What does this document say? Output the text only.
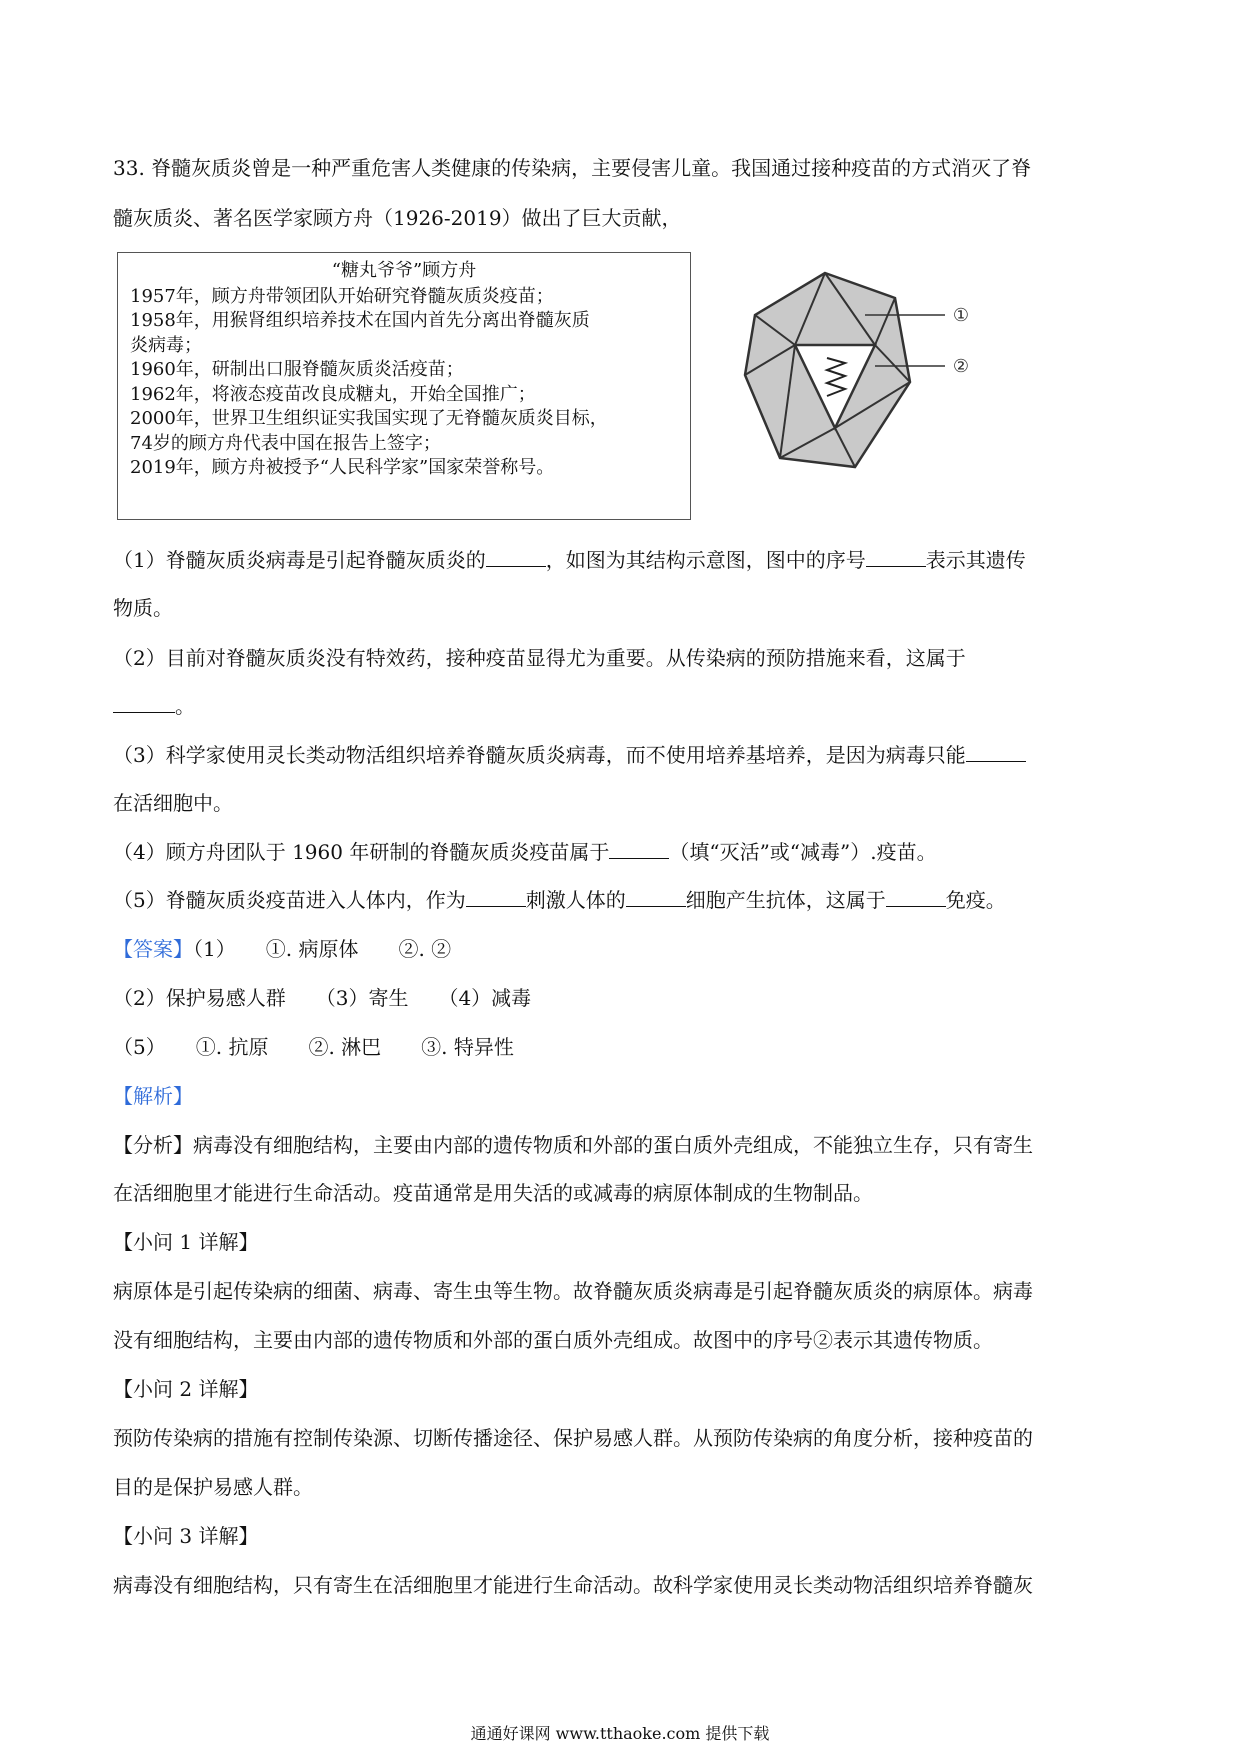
33. 脊髓灰质炎曾是一种严重危害人类健康的传染病，主要侵害儿童。我国通过接种疫苗的方式消灭了脊
髓灰质炎、著名医学家顾方舟（1926-2019）做出了巨大贡献，
“糖丸爷爷”顾方舟
1957年，顾方舟带领团队开始研究脊髓灰质炎疫苗；
1958年，用猴肾组织培养技术在国内首先分离出脊髓灰质
炎病毒；
1960年，研制出口服脊髓灰质炎活疫苗；
1962年，将液态疫苗改良成糖丸，开始全国推广；
2000年，世界卫生组织证实我国实现了无脊髓灰质炎目标，
74岁的顾方舟代表中国在报告上签字；
2019年，顾方舟被授予“人民科学家”国家荣誉称号。
①
②
（1）脊髓灰质炎病毒是引起脊髓灰质炎的	，如图为其结构示意图，图中的序号	表示其遗传
物质。
（2）目前对脊髓灰质炎没有特效药，接种疫苗显得尤为重要。从传染病的预防措施来看，这属于
。
（3）科学家使用灵长类动物活组织培养脊髓灰质炎病毒，而不使用培养基培养，是因为病毒只能
在活细胞中。
（4）顾方舟团队于 1960 年研制的脊髓灰质炎疫苗属于	（填“灭活”或“减毒”）.疫苗。
（5）脊髓灰质炎疫苗进入人体内，作为	刺激人体的	细胞产生抗体，这属于	免疫。
【答案】（1）　　①. 病原体　　②. ②
（2）保护易感人群　　（3）寄生　　（4）减毒
（5）　　①. 抗原　　②. 淋巴　　③. 特异性
【解析】
【分析】病毒没有细胞结构，主要由内部的遗传物质和外部的蛋白质外壳组成，不能独立生存，只有寄生
在活细胞里才能进行生命活动。疫苗通常是用失活的或减毒的病原体制成的生物制品。
【小问 1 详解】
病原体是引起传染病的细菌、病毒、寄生虫等生物。故脊髓灰质炎病毒是引起脊髓灰质炎的病原体。病毒
没有细胞结构，主要由内部的遗传物质和外部的蛋白质外壳组成。故图中的序号②表示其遗传物质。
【小问 2 详解】
预防传染病的措施有控制传染源、切断传播途径、保护易感人群。从预防传染病的角度分析，接种疫苗的
目的是保护易感人群。
【小问 3 详解】
病毒没有细胞结构，只有寄生在活细胞里才能进行生命活动。故科学家使用灵长类动物活组织培养脊髓灰
通通好课网 www.tthaoke.com 提供下载
